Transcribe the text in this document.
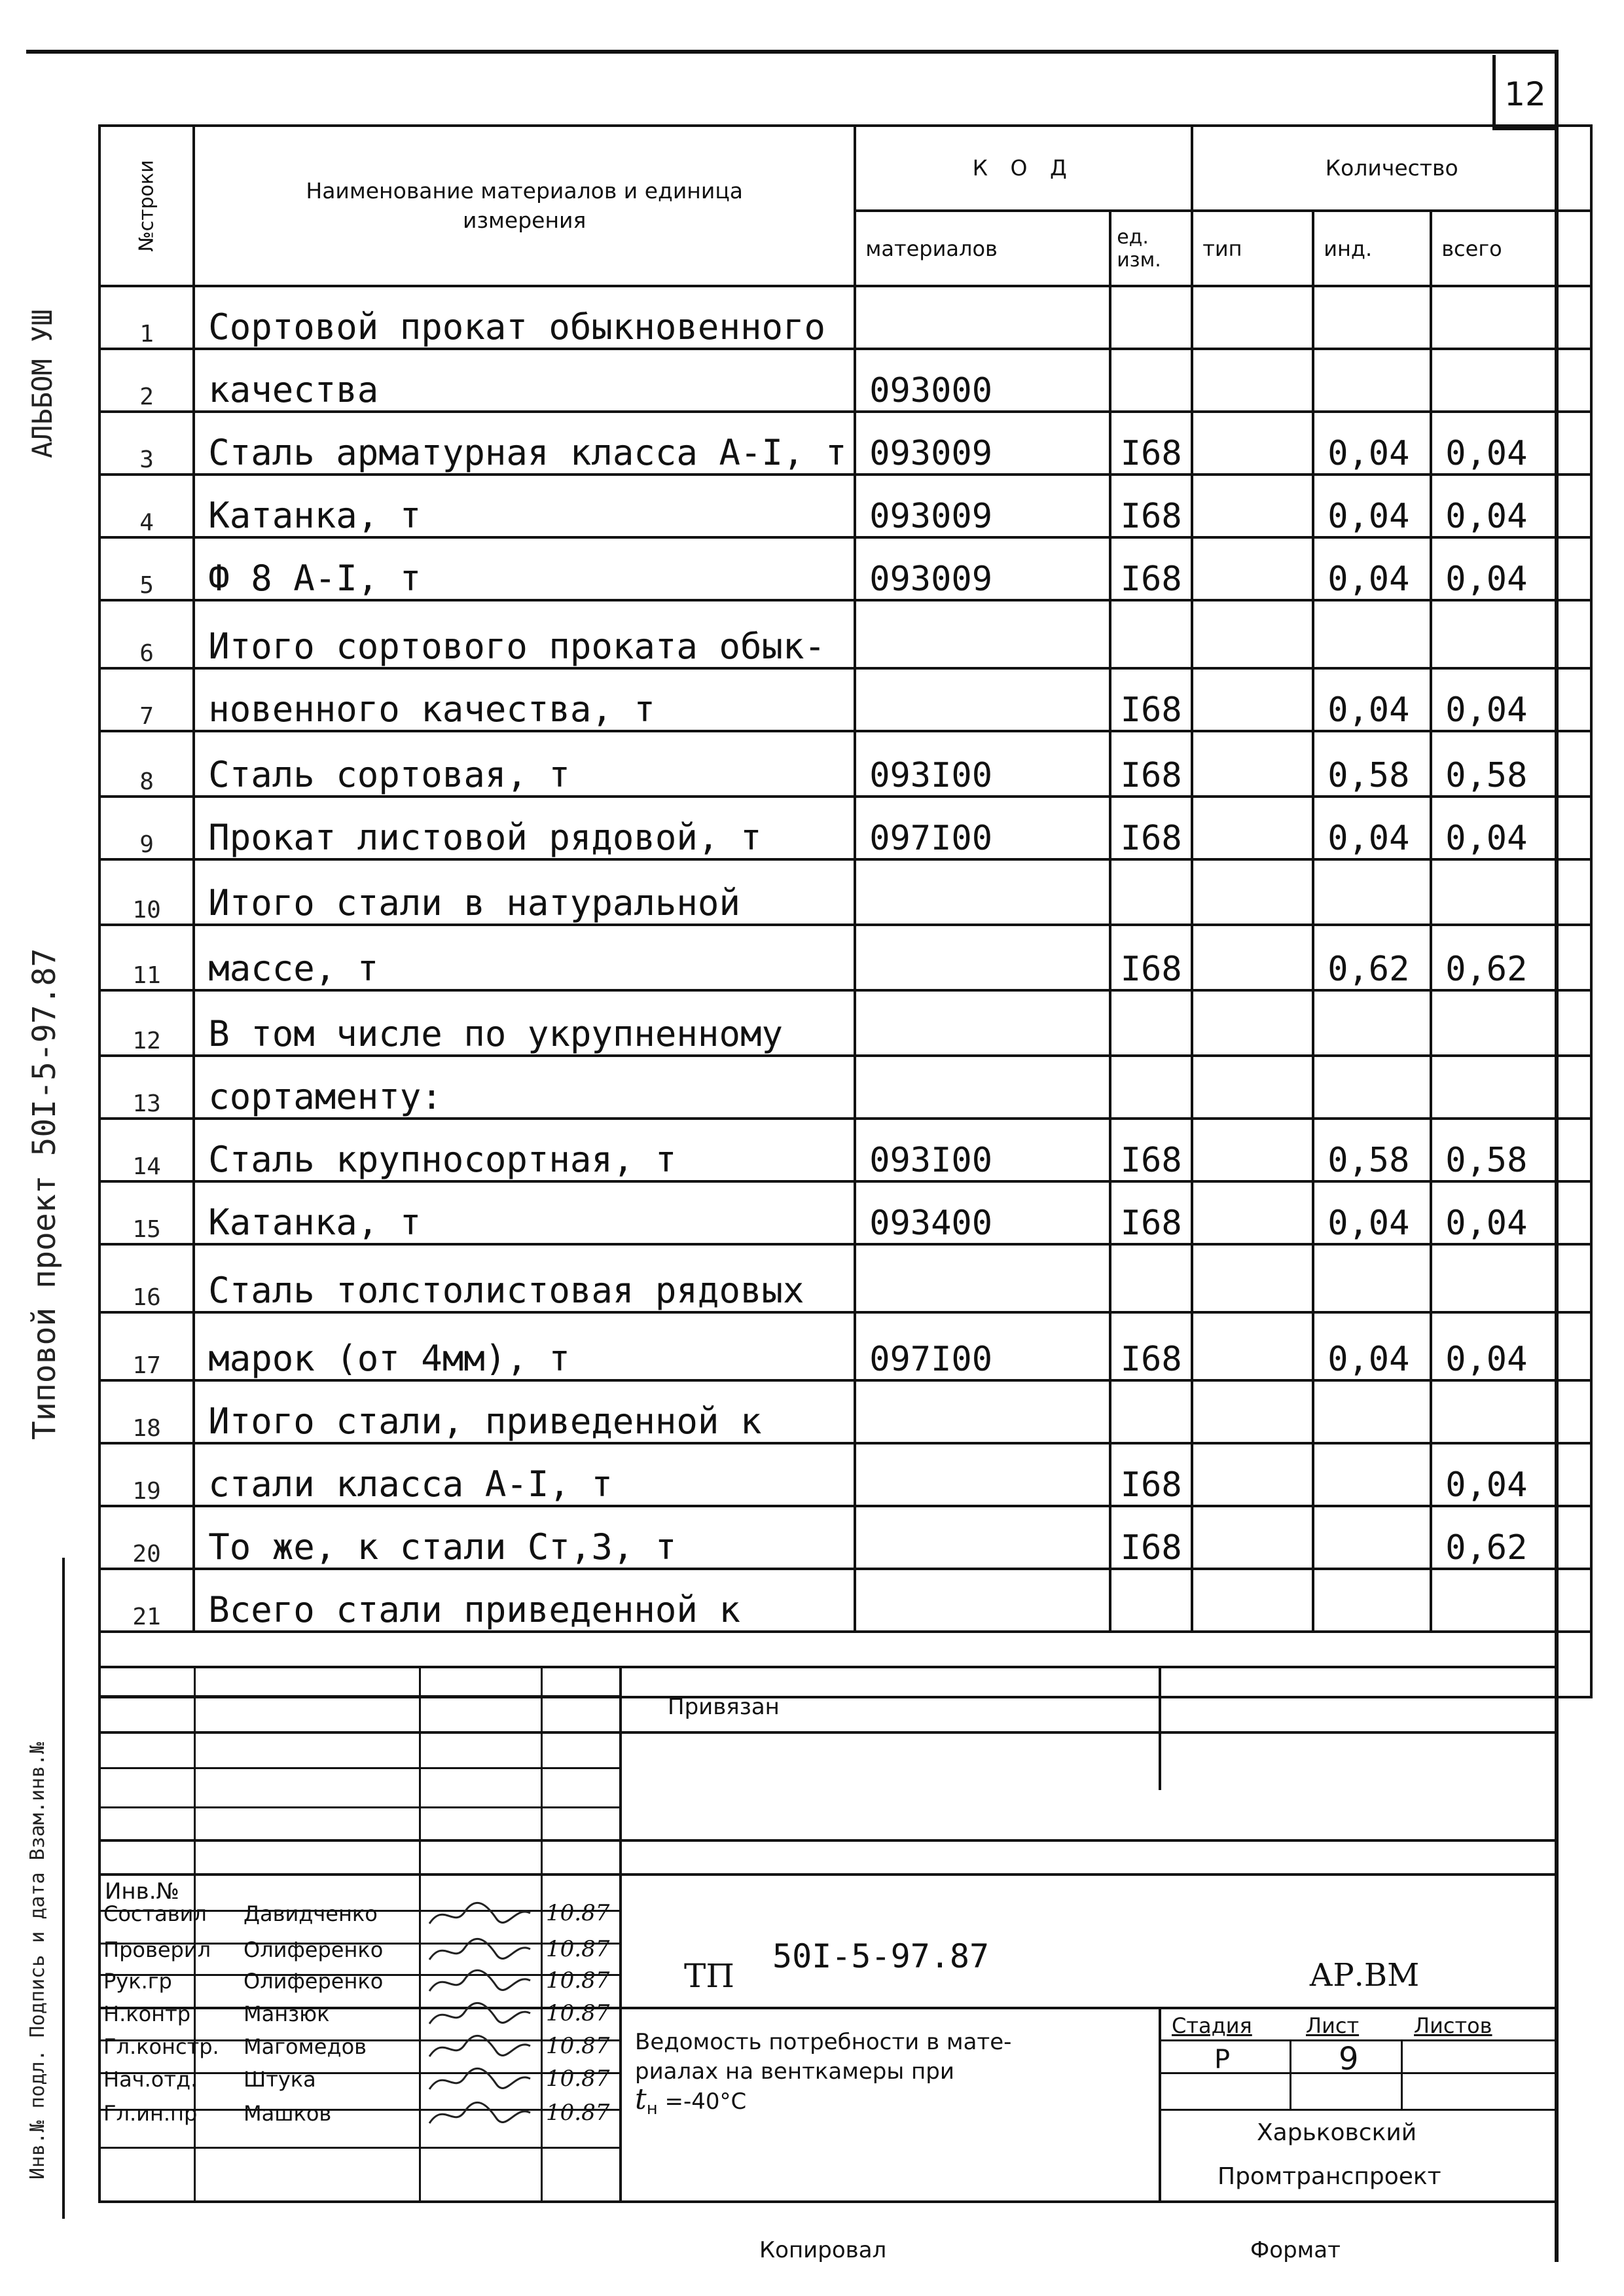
12
АЛЬБОМ УШ
Типовой проект 50I-5-97.87
Инв.№ подл. Подпись и дата Взам.инв.№
№строки	Наименование материалов и единица измерения	К О Д		Количество		
		материалов	ед. изм.	тип	инд.	всего
1	Сортовой прокат обыкновенного					
2	качества	093000				
3	Сталь арматурная класса А-I, т	093009	I68		0,04	0,04
4	Катанка, т	093009	I68		0,04	0,04
5	Ф 8 А-I, т	093009	I68		0,04	0,04
6	Итого сортового проката обык-					
7	новенного качества, т		I68		0,04	0,04
8	Сталь сортовая, т	093I00	I68		0,58	0,58
9	Прокат листовой рядовой, т	097I00	I68		0,04	0,04
10	Итого стали в натуральной					
11	массе, т		I68		0,62	0,62
12	В том числе по укрупненному					
13	сортаменту:					
14	Сталь крупносортная, т	093I00	I68		0,58	0,58
15	Катанка, т	093400	I68		0,04	0,04
16	Сталь толстолистовая рядовых					
17	марок (от 4мм), т	097I00	I68		0,04	0,04
18	Итого стали, приведенной к					
19	стали класса А-I, т		I68			0,04
20	То же, к стали Ст,3, т		I68			0,62
21	Всего стали приведенной к					

Привязан
Инв.№
Составил Давидченко	10.87
Проверил Олиференко	10.87
Рук.гр	Олиференко	10.87
Н.контр	Манзюк	10.87
Гл.констр. Магомедов	10.87
Нач.отд. Штука	10.87
Гл.ин.пр Машков	10.87
ТП
50I-5-97.87	АР.ВМ
Ведомость потребности в мате-
риалах на венткамеры при
$t_н =-40^\circ С$
Стадия	Лист	Листов
Р	9
Харьковский
Промтранспроект
Копировал	Формат
